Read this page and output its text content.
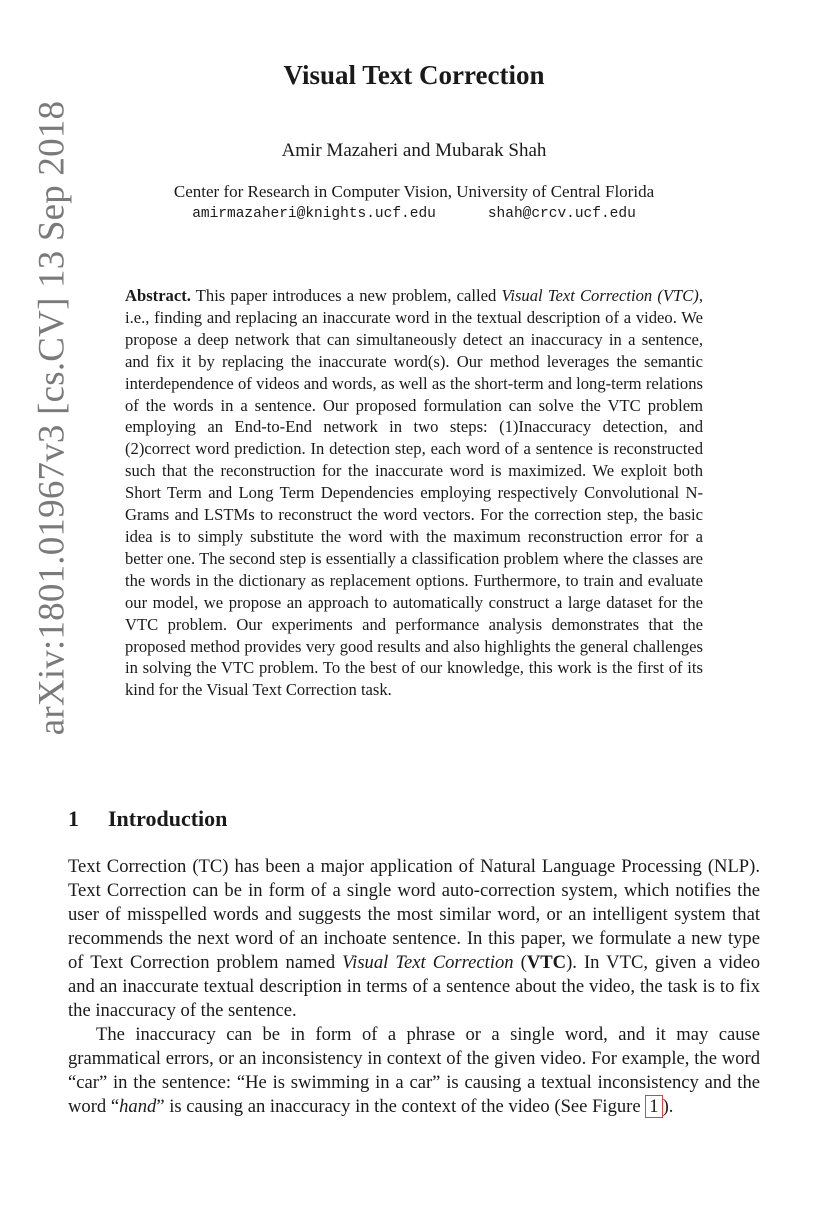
arXiv:1801.01967v3 [cs.CV] 13 Sep 2018
Visual Text Correction
Amir Mazaheri and Mubarak Shah
Center for Research in Computer Vision, University of Central Florida
amirmazaheri@knights.ucf.edu	shah@crcv.ucf.edu
Abstract. This paper introduces a new problem, called Visual Text Correction (VTC), i.e., finding and replacing an inaccurate word in the textual description of a video. We propose a deep network that can simultaneously detect an inaccuracy in a sentence, and fix it by replacing the inaccurate word(s). Our method leverages the semantic interdependence of videos and words, as well as the short-term and long-term relations of the words in a sentence. Our proposed formulation can solve the VTC problem employing an End-to-End network in two steps: (1)Inaccuracy detection, and (2)correct word prediction. In detection step, each word of a sentence is reconstructed such that the reconstruction for the inaccurate word is maximized. We exploit both Short Term and Long Term Dependencies employing respectively Convolutional N-Grams and LSTMs to reconstruct the word vectors. For the correction step, the basic idea is to simply substitute the word with the maximum reconstruction error for a better one. The second step is essentially a classification problem where the classes are the words in the dictionary as replacement options. Furthermore, to train and evaluate our model, we propose an approach to automatically construct a large dataset for the VTC problem. Our experiments and performance analysis demonstrates that the proposed method provides very good results and also highlights the general challenges in solving the VTC problem. To the best of our knowledge, this work is the first of its kind for the Visual Text Correction task.
1 Introduction

Text Correction (TC) has been a major application of Natural Language Processing (NLP). Text Correction can be in form of a single word auto-correction system, which notifies the user of misspelled words and suggests the most similar word, or an intelligent system that recommends the next word of an inchoate sentence. In this paper, we formulate a new type of Text Correction problem named Visual Text Correction (VTC). In VTC, given a video and an inaccurate textual description in terms of a sentence about the video, the task is to fix the inaccuracy of the sentence.

The inaccuracy can be in form of a phrase or a single word, and it may cause grammatical errors, or an inconsistency in context of the given video. For example, the word “car” in the sentence: “He is swimming in a car” is causing a textual inconsistency and the word “hand” is causing an inaccuracy in the context of the video (See Figure 1 ).
